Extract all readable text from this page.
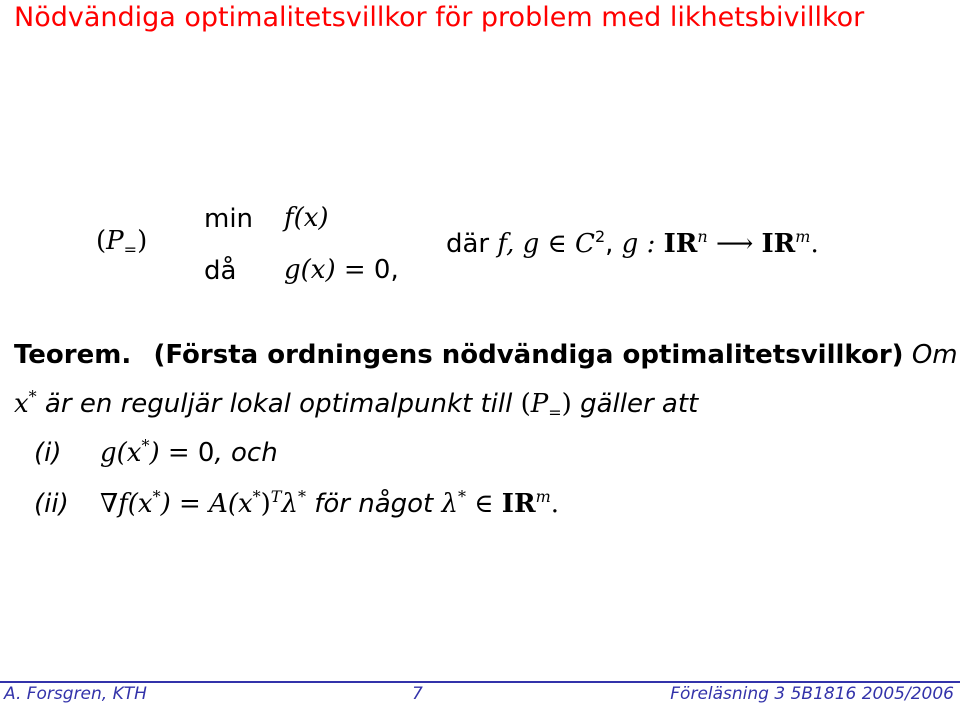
Nödvändiga optimalitetsvillkor för problem med likhetsbivillkor
$(P_=)$
min f(x)
då g(x) = 0,
där f, g ∈ $C^2$, g : $IR^n$ ⟶ $IR^m$.
Teorem. (Första ordningens nödvändiga optimalitetsvillkor) Om
x* är en reguljär lokal optimalpunkt till $(P_=)$ gäller att
(i) g(x*) = 0, och
(ii) $\nabla f(x^*) = A(x^*)^T\lambda^*$ för något λ* ∈ $IR^m$.
A. Forsgren, KTH	7	Föreläsning 3 5B1816 2005/2006
